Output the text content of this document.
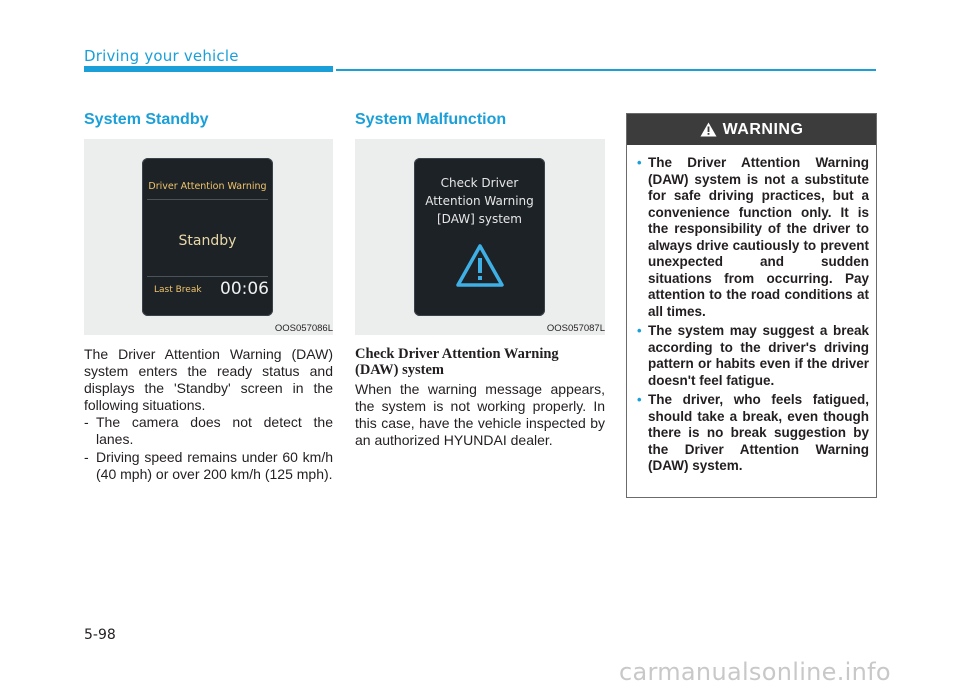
Driving your vehicle
System Standby
Driver Attention Warning
Standby
Last Break 00:06
OOS057086L
The Driver Attention Warning (DAW) system enters the ready status and displays the 'Standby' screen in the following situations.
- The camera does not detect the lanes.
- Driving speed remains under 60 km/h (40 mph) or over 200 km/h (125 mph).
System Malfunction
Check Driver
Attention Warning
[DAW] system
OOS057087L
Check Driver Attention Warning (DAW) system
When the warning message appears, the system is not working properly. In this case, have the vehicle inspected by an authorized HYUNDAI dealer.
WARNING
• The Driver Attention Warning (DAW) system is not a substitute for safe driving practices, but a convenience function only. It is the responsibility of the driver to always drive cautiously to prevent unexpected and sudden situations from occurring. Pay attention to the road conditions at all times.
• The system may suggest a break according to the driver's driving pattern or habits even if the driver doesn't feel fatigue.
• The driver, who feels fatigued, should take a break, even though there is no break suggestion by the Driver Attention Warning (DAW) system.
5-98
carmanualsonline.info
